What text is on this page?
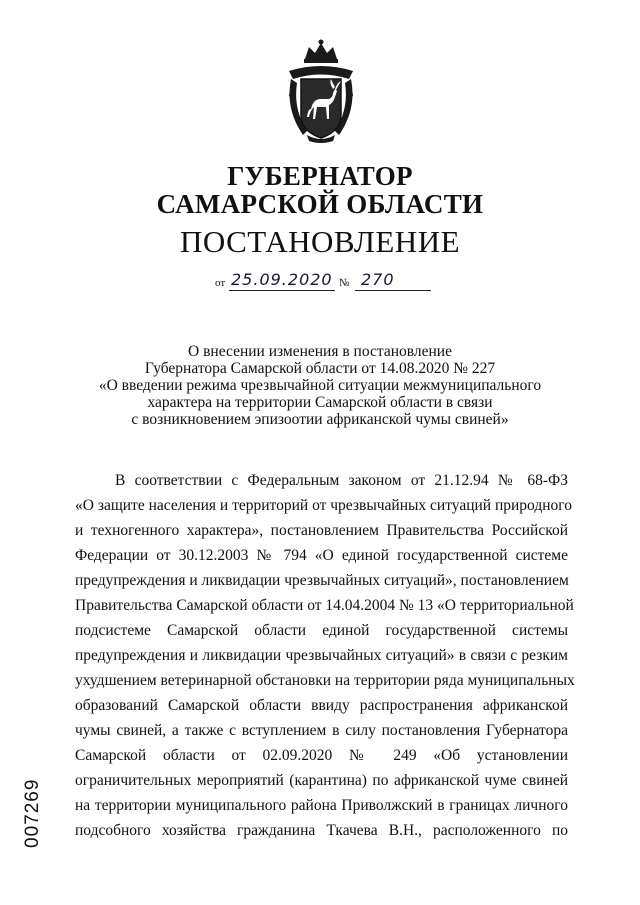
ГУБЕРНАТОР
САМАРСКОЙ ОБЛАСТИ
ПОСТАНОВЛЕНИЕ
от 25.09.2020 № 270
О внесении изменения в постановление
Губернатора Самарской области от 14.08.2020 № 227
«О введении режима чрезвычайной ситуации межмуниципального
характера на территории Самарской области в связи
с возникновением эпизоотии африканской чумы свиней»
В соответствии с Федеральным законом от 21.12.94 № 68-ФЗ
«О защите населения и территорий от чрезвычайных ситуаций природного
и техногенного характера», постановлением Правительства Российской
Федерации от 30.12.2003 № 794 «О единой государственной системе
предупреждения и ликвидации чрезвычайных ситуаций», постановлением
Правительства Самарской области от 14.04.2004 № 13 «О территориальной
подсистеме Самарской области единой государственной системы
предупреждения и ликвидации чрезвычайных ситуаций» в связи с резким
ухудшением ветеринарной обстановки на территории ряда муниципальных
образований Самарской области ввиду распространения африканской
чумы свиней, а также с вступлением в силу постановления Губернатора
Самарской области от 02.09.2020 № 249 «Об установлении
ограничительных мероприятий (карантина) по африканской чуме свиней
на территории муниципального района Приволжский в границах личного
подсобного хозяйства гражданина Ткачева В.Н., расположенного по
007269
